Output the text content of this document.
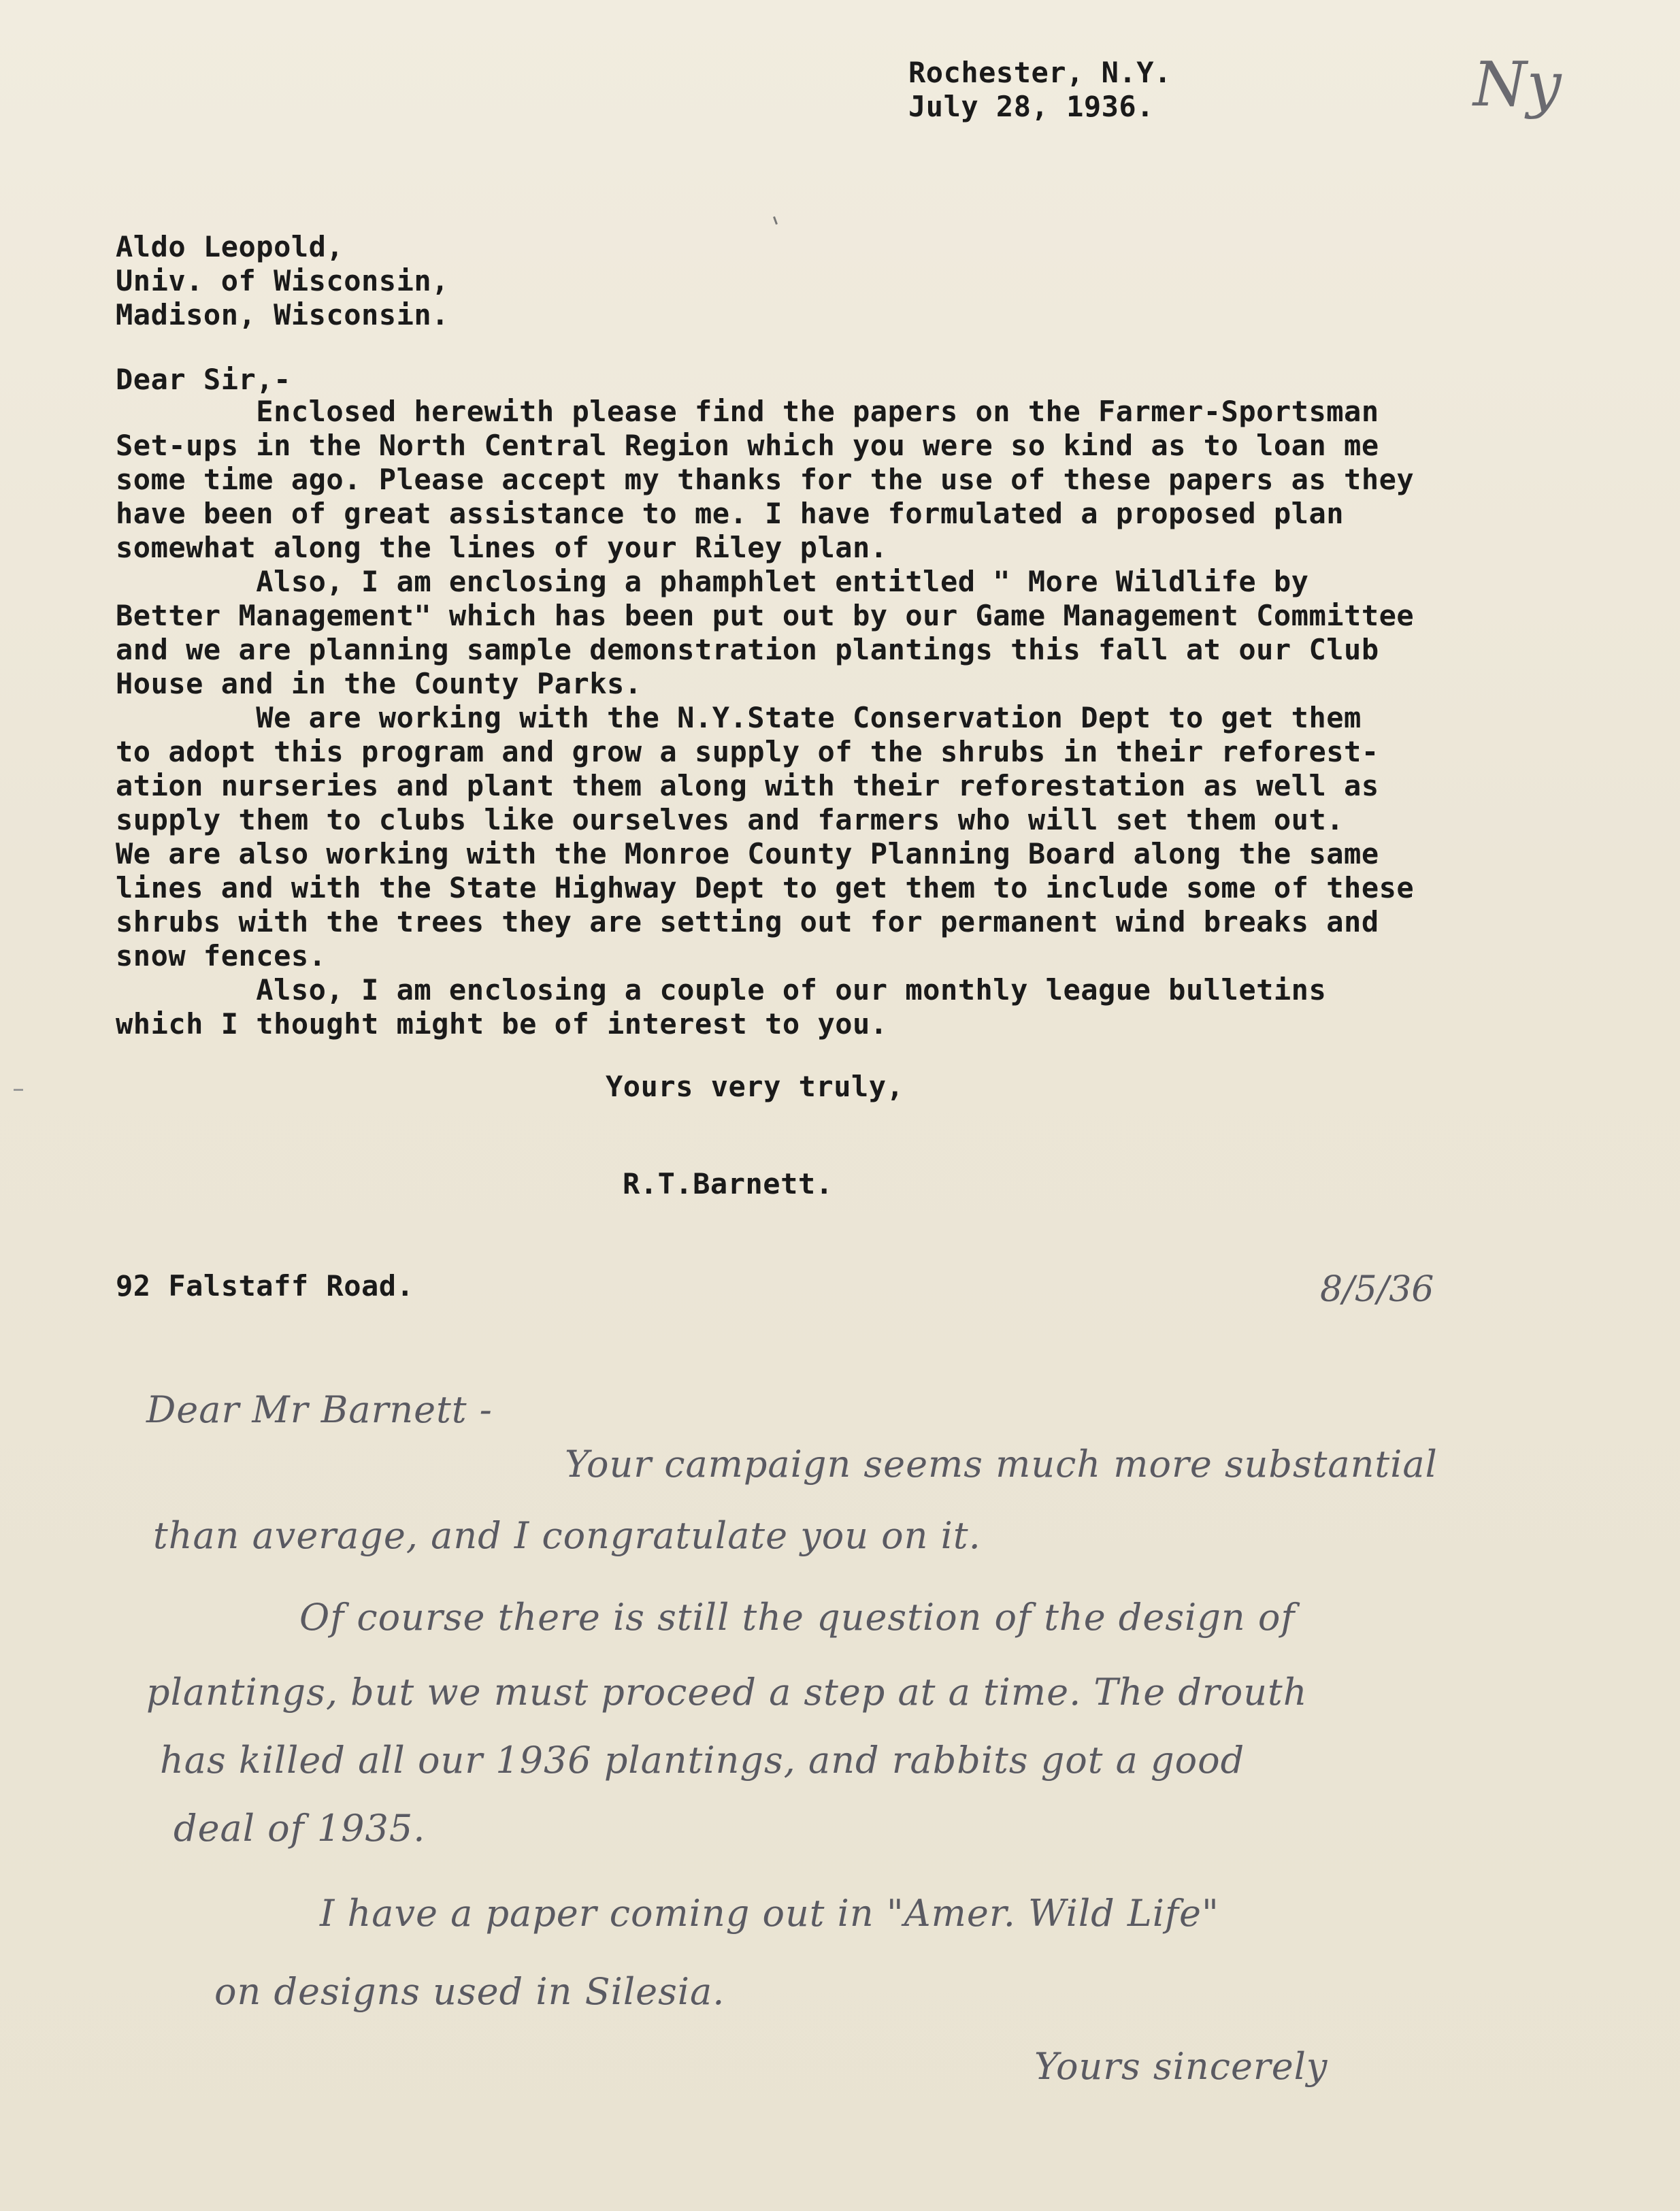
Rochester, N.Y.
July 28, 1936.	Ny
Aldo Leopold,
Univ. of Wisconsin,
Madison, Wisconsin.
Dear Sir,-
Enclosed herewith please find the papers on the Farmer-Sportsman
Set-ups in the North Central Region which you were so kind as to loan me
some time ago. Please accept my thanks for the use of these papers as they
have been of great assistance to me. I have formulated a proposed plan
somewhat along the lines of your Riley plan.
Also, I am enclosing a phamphlet entitled " More Wildlife by
Better Management" which has been put out by our Game Management Committee
and we are planning sample demonstration plantings this fall at our Club
House and in the County Parks.
We are working with the N.Y.State Conservation Dept to get them
to adopt this program and grow a supply of the shrubs in their reforest-
ation nurseries and plant them along with their reforestation as well as
supply them to clubs like ourselves and farmers who will set them out.
We are also working with the Monroe County Planning Board along the same
lines and with the State Highway Dept to get them to include some of these
shrubs with the trees they are setting out for permanent wind breaks and
snow fences.
Also, I am enclosing a couple of our monthly league bulletins
which I thought might be of interest to you.
Yours very truly,
R.T.Barnett.
92 Falstaff Road.	8/5/36

Dear Mr Barnett -

Your campaign seems much more substantial

than average, and I congratulate you on it.

Of course there is still the question of the design of

plantings, but we must proceed a step at a time. The drouth

has killed all our 1936 plantings, and rabbits got a good

deal of 1935.

I have a paper coming out in "Amer. Wild Life"

on designs used in Silesia.

Yours sincerely
